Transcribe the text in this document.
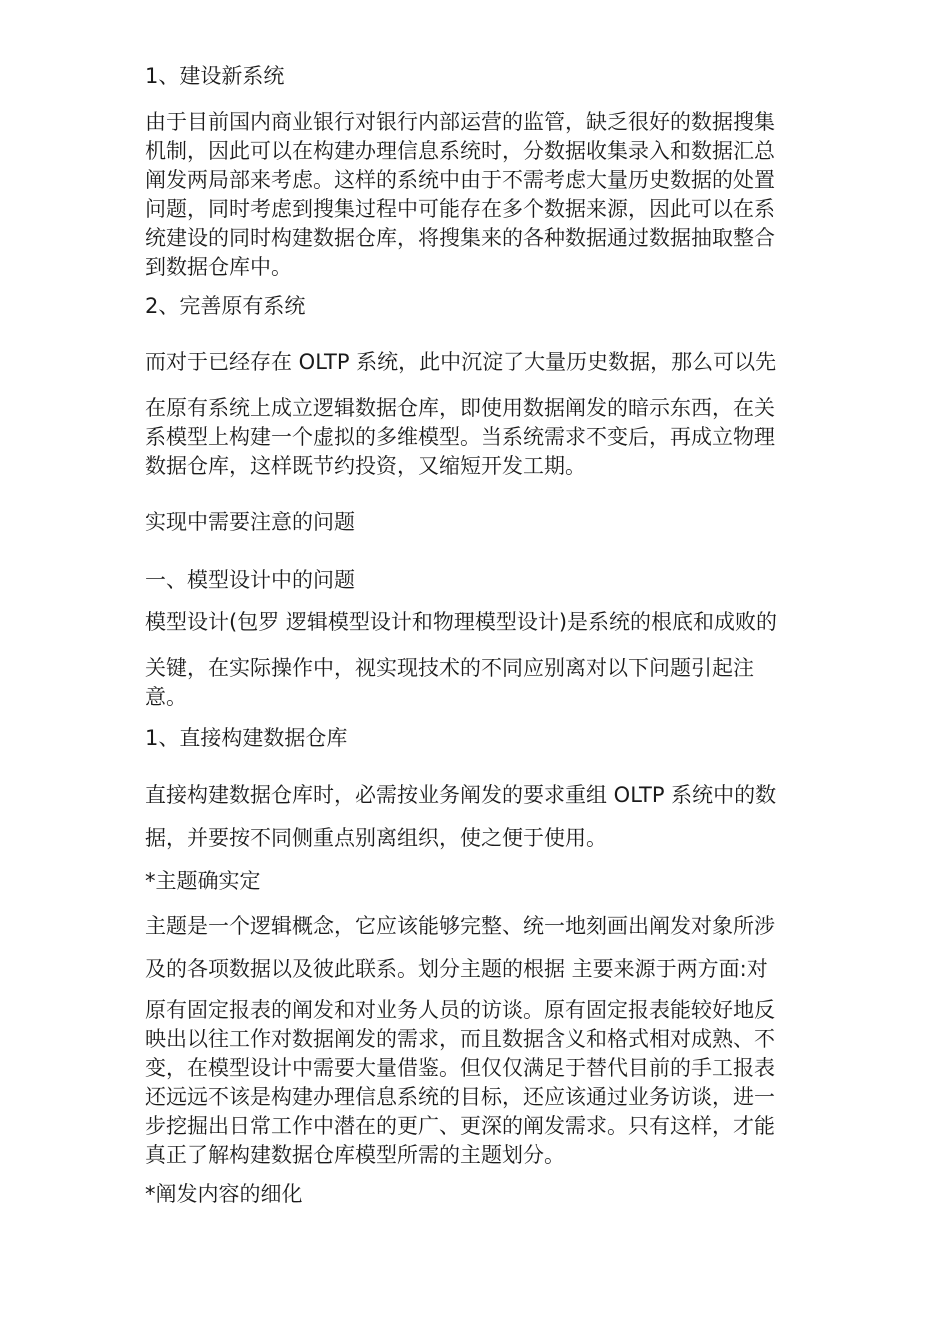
1、建设新系统

由于目前国内商业银行对银行内部运营的监管，缺乏很好的数据搜集
机制，因此可以在构建办理信息系统时，分数据收集录入和数据汇总
阐发两局部来考虑。这样的系统中由于不需考虑大量历史数据的处置
问题，同时考虑到搜集过程中可能存在多个数据来源，因此可以在系
统建设的同时构建数据仓库，将搜集来的各种数据通过数据抽取整合
到数据仓库中。

2、完善原有系统

而对于已经存在 OLTP 系统，此中沉淀了大量历史数据，那么可以先

在原有系统上成立逻辑数据仓库，即使用数据阐发的暗示东西，在关
系模型上构建一个虚拟的多维模型。当系统需求不变后，再成立物理
数据仓库，这样既节约投资，又缩短开发工期。

实现中需要注意的问题

一、模型设计中的问题

模型设计(包罗 逻辑模型设计和物理模型设计)是系统的根底和成败的

关键，在实际操作中，视实现技术的不同应别离对以下问题引起注
意。

1、直接构建数据仓库

直接构建数据仓库时，必需按业务阐发的要求重组 OLTP 系统中的数

据，并要按不同侧重点别离组织，使之便于使用。

*主题确实定

主题是一个逻辑概念，它应该能够完整、统一地刻画出阐发对象所涉

及的各项数据以及彼此联系。划分主题的根据 主要来源于两方面:对

原有固定报表的阐发和对业务人员的访谈。原有固定报表能较好地反
映出以往工作对数据阐发的需求，而且数据含义和格式相对成熟、不
变，在模型设计中需要大量借鉴。但仅仅满足于替代目前的手工报表
还远远不该是构建办理信息系统的目标，还应该通过业务访谈，进一
步挖掘出日常工作中潜在的更广、更深的阐发需求。只有这样，才能
真正了解构建数据仓库模型所需的主题划分。

*阐发内容的细化
